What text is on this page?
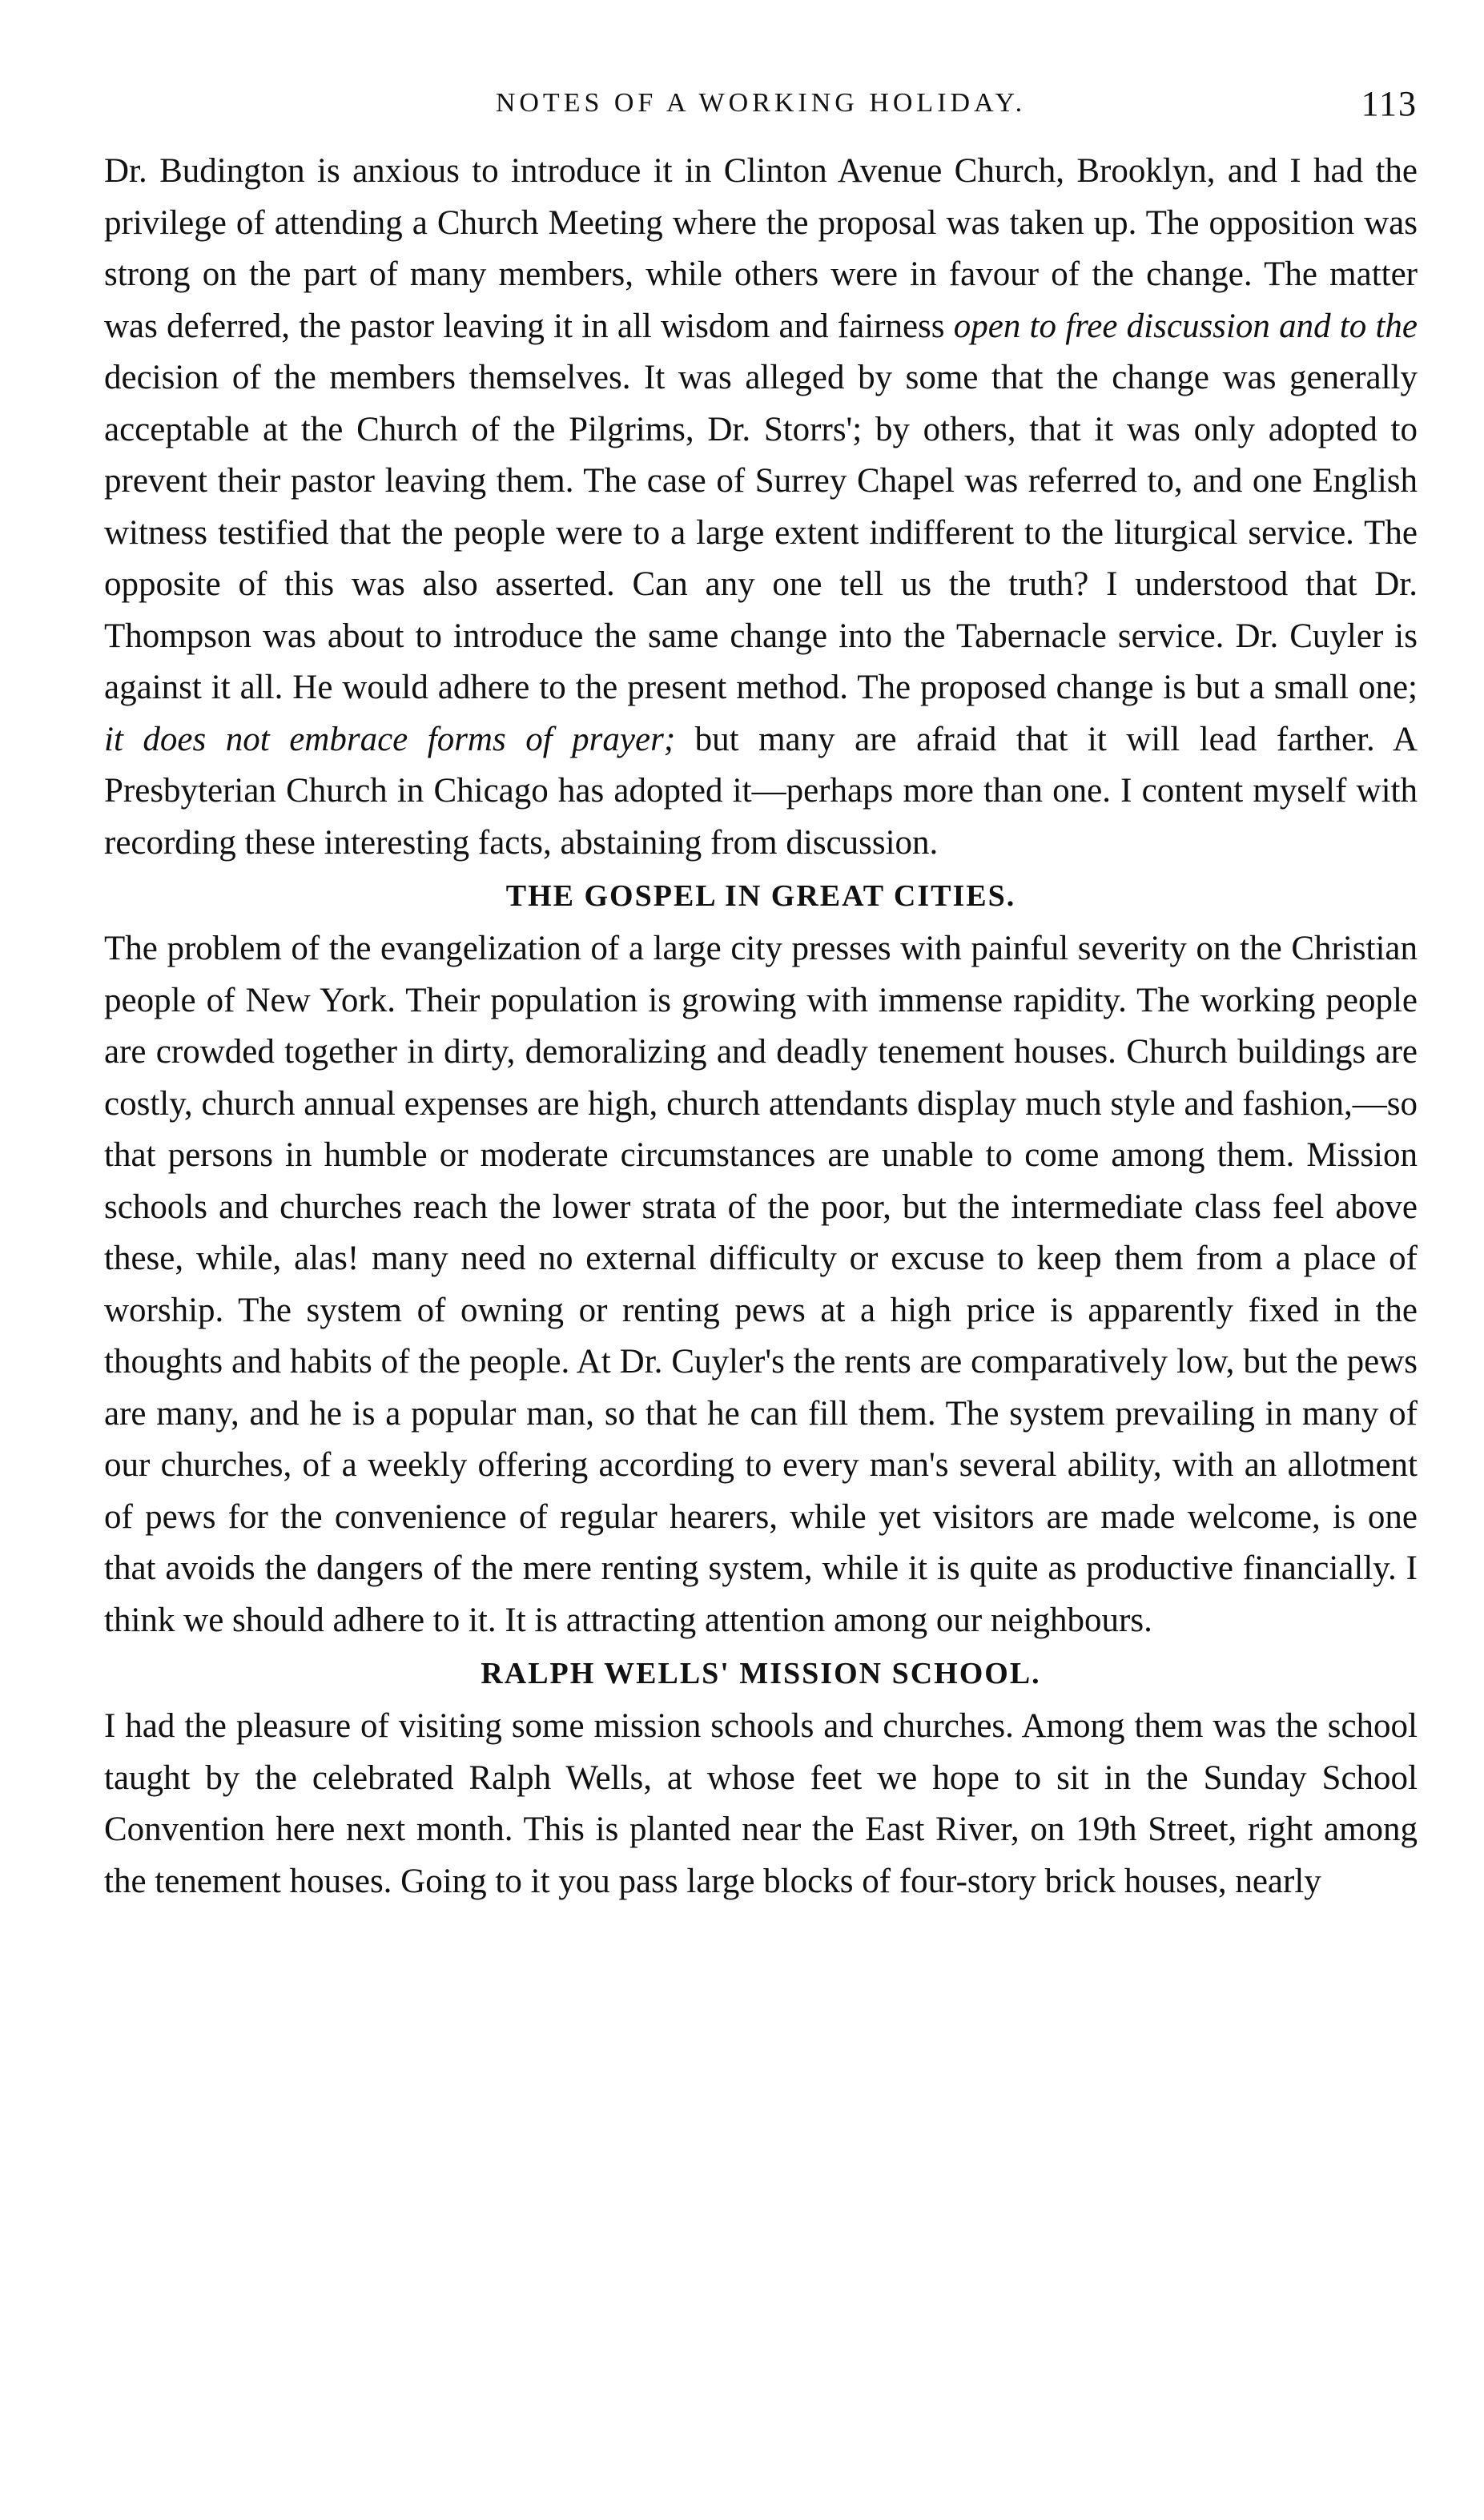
NOTES OF A WORKING HOLIDAY.	113

Dr. Budington is anxious to introduce it in Clinton Avenue Church, Brooklyn, and I had the privilege of attending a Church Meeting where the proposal was taken up. The opposition was strong on the part of many members, while others were in favour of the change. The matter was deferred, the pastor leaving it in all wisdom and fairness open to free discussion and to the decision of the members themselves. It was alleged by some that the change was generally acceptable at the Church of the Pilgrims, Dr. Storrs'; by others, that it was only adopted to prevent their pastor leaving them. The case of Surrey Chapel was referred to, and one English witness testified that the people were to a large extent indifferent to the liturgical service. The opposite of this was also asserted. Can any one tell us the truth? I understood that Dr. Thompson was about to introduce the same change into the Tabernacle service. Dr. Cuyler is against it all. He would adhere to the present method. The proposed change is but a small one; it does not embrace forms of prayer; but many are afraid that it will lead farther. A Presbyterian Church in Chicago has adopted it—perhaps more than one. I content myself with recording these interesting facts, abstaining from discussion.

THE GOSPEL IN GREAT CITIES.

The problem of the evangelization of a large city presses with painful severity on the Christian people of New York. Their population is growing with immense rapidity. The working people are crowded together in dirty, demoralizing and deadly tenement houses. Church buildings are costly, church annual expenses are high, church attendants display much style and fashion,—so that persons in humble or moderate circumstances are unable to come among them. Mission schools and churches reach the lower strata of the poor, but the intermediate class feel above these, while, alas! many need no external difficulty or excuse to keep them from a place of worship. The system of owning or renting pews at a high price is apparently fixed in the thoughts and habits of the people. At Dr. Cuyler's the rents are comparatively low, but the pews are many, and he is a popular man, so that he can fill them. The system prevailing in many of our churches, of a weekly offering according to every man's several ability, with an allotment of pews for the convenience of regular hearers, while yet visitors are made welcome, is one that avoids the dangers of the mere renting system, while it is quite as productive financially. I think we should adhere to it. It is attracting attention among our neighbours.

RALPH WELLS' MISSION SCHOOL.

I had the pleasure of visiting some mission schools and churches. Among them was the school taught by the celebrated Ralph Wells, at whose feet we hope to sit in the Sunday School Convention here next month. This is planted near the East River, on 19th Street, right among the tenement houses. Going to it you pass large blocks of four-story brick houses, nearly
